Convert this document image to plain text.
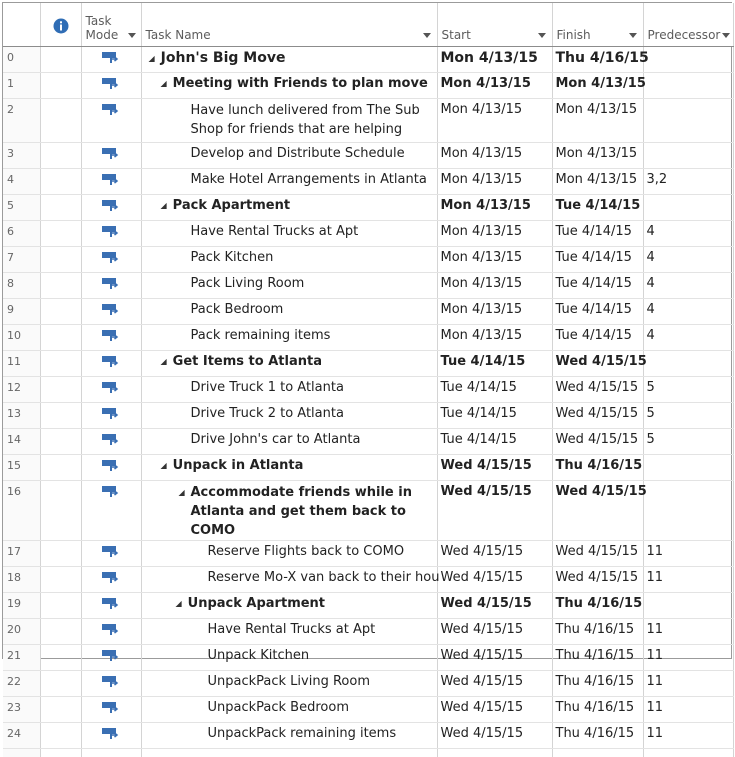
Task
Mode	Task Name	Start	Finish	Predecessor

0			◢ John's Big Move	Mon 4/13/15	Thu 4/16/15	
1			◢ Meeting with Friends to plan move	Mon 4/13/15	Mon 4/13/15	
2			Have lunch delivered from The Sub Shop for friends that are helping	Mon 4/13/15	Mon 4/13/15	
3			Develop and Distribute Schedule	Mon 4/13/15	Mon 4/13/15	
4			Make Hotel Arrangements in Atlanta	Mon 4/13/15	Mon 4/13/15	3,2
5			◢ Pack Apartment	Mon 4/13/15	Tue 4/14/15	
6			Have Rental Trucks at Apt	Mon 4/13/15	Tue 4/14/15	4
7			Pack Kitchen	Mon 4/13/15	Tue 4/14/15	4
8			Pack Living Room	Mon 4/13/15	Tue 4/14/15	4
9			Pack Bedroom	Mon 4/13/15	Tue 4/14/15	4
10			Pack remaining items	Mon 4/13/15	Tue 4/14/15	4
11			◢ Get Items to Atlanta	Tue 4/14/15	Wed 4/15/15	
12			Drive Truck 1 to Atlanta	Tue 4/14/15	Wed 4/15/15	5
13			Drive Truck 2 to Atlanta	Tue 4/14/15	Wed 4/15/15	5
14			Drive John's car to Atlanta	Tue 4/14/15	Wed 4/15/15	5
15			◢ Unpack in Atlanta	Wed 4/15/15	Thu 4/16/15	
16			◢ Accommodate friends while in Atlanta and get them back to COMO	Wed 4/15/15	Wed 4/15/15	
17			Reserve Flights back to COMO	Wed 4/15/15	Wed 4/15/15	11
18			Reserve Mo-X van back to their hou	Wed 4/15/15	Wed 4/15/15	11
19			◢ Unpack Apartment	Wed 4/15/15	Thu 4/16/15	
20			Have Rental Trucks at Apt	Wed 4/15/15	Thu 4/16/15	11
21			Unpack Kitchen	Wed 4/15/15	Thu 4/16/15	11
22			UnpackPack Living Room	Wed 4/15/15	Thu 4/16/15	11
23			UnpackPack Bedroom	Wed 4/15/15	Thu 4/16/15	11
24			UnpackPack remaining items	Wed 4/15/15	Thu 4/16/15	11
